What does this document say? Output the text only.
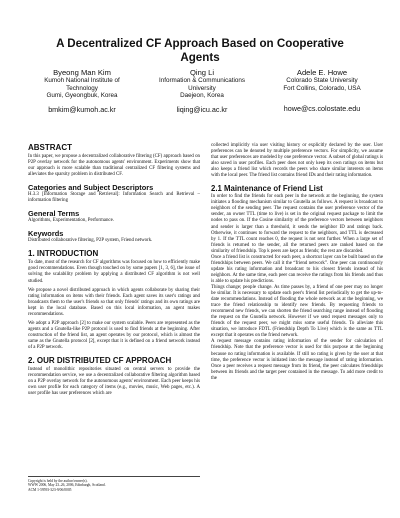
A Decentralized CF Approach Based on Cooperative
Agents
Byeong Man Kim
Kumoh National Institute of
Technology
Gumi, Gyeongbuk, Korea
bmkim@kumoh.ac.kr
Qing Li
Information & Communications
University
Daejeon, Korea
liqing@icu.ac.kr
Adele E. Howe
Colorado State University
Fort Collins, Colorado, USA
howe@cs.colostate.edu
ABSTRACT

In this paper, we propose a decentralized collaborative filtering (CF) approach based on P2P overlay network for the autonomous agents' environment. Experiments show that our approach is more scalable than traditional centralized CF filtering systems and alleviates the sparsity problem in distributed CF.

Categories and Subject Descriptors

H.3.3 [Information Storage and Retrieval]: Information Search and Retrieval –information filtering

General Terms

Algorithms, Experimentation, Performance.

Keywords

Distributed collaborative filtering, P2P system, Friend network.

1. INTRODUCTION

To date, most of the research for CF algorithms was focused on how to efficiently make good recommendations. Even though touched on by some papers [1, 3, 6], the issue of solving the scalability problem by applying a distributed CF algorithm is not well studied.

We propose a novel distributed approach in which agents collaborate by sharing their rating information on items with their friends. Each agent saves its user's ratings and broadcasts them to the user's friends so that only friends' ratings and its own ratings are kept in the local database. Based on this local information, an agent makes recommendations.

We adopt a P2P approach [2] to make our system scalable. Peers are represented as the agents and a Gnutella-like P2P protocol is used to find friends at the beginning. After construction of the friend list, an agent operates by our protocol, which is almost the same as the Gnutella protocol [2], except that it is defined on a friend network instead of a P2P network.

2. OUR DISTRIBUTED CF APPROACH

Instead of monolithic repositories situated on central servers to provide the recommendation service, we use a decentralized collaborative filtering algorithm based on a P2P overlay network for the autonomous agents' environment. Each peer keeps his own user profile for each category of items (e.g., movies, music, Web pages, etc.). A user profile has user preferences which are

Copyright is held by the author/owner(s).

WWW 2006, May 23–26, 2006, Edinburgh, Scotland.

ACM 1-59593-323-9/06/0005

collected implicitly via user visiting history or explicitly declared by the user. User preferences can be denoted by multiple preference vectors. For simplicity, we assume that user preferences are modeled by one preference vector. A subset of global ratings is also saved in user profiles. Each peer does not only keep its own ratings on items but also keeps a friend list which records the peers who share similar interests on items with the local peer. The friend list contains friend IDs and their rating information.

2.1 Maintenance of Friend List

In order to find the friends for each peer in the network at the beginning, the system initiates a flooding mechanism similar to Gnutella as follows. A request is broadcast to neighbors of the sending peer. The request contains the user preference vector of the sender, an owner TTL (time to live) is set in the original request package to limit the nodes to pass on. If the Cosine similarity of the preference vectors between neighbors and sender is larger than a threshold, it sends the neighbor ID and ratings back. Otherwise, it continues to forward the request to the neighbors, and TTL is decreased by 1. If the TTL count reaches 0, the request is not sent further. When a large set of friends is returned to the sender, all the returned peers are ranked based on the similarity of friendship. Top k peers are kept as friends; the rest are discarded.

Once a friend list is constructed for each peer, a shortcut layer can be built based on the friendships between peers. We call it the “friend network”. One peer can continuously update his rating information and broadcast to his closest friends instead of his neighbors. At the same time, each peer can receive the ratings from his friends and thus is able to update his predictions.

Things change; people change. As time passes by, a friend of one peer may no longer be similar. It is necessary to update each peer's friend list periodically to get the up-to-date recommendations. Instead of flooding the whole network as at the beginning, we trace the friend relationship to identify new friends. By requesting friends to recommend new friends, we can shorten the friend searching range instead of flooding the request on the Gnutella network. However if we send request messages only to friends of the request peer, we might miss some useful friends. To alleviate this situation, we introduce FDTL (Friendship Depth To Live) which is the same as TTL except that it operates on the friend network.

A request message contains rating information of the sender for calculation of friendship. Note that the preference vector is used for this purpose at the beginning because no rating information is available. If still no rating is given by the user at that time, the preference vector is initiated into the message instead of rating information. Once a peer receives a request message from its friend, the peer calculates friendships between its friends and the target peer contained in the message. To add more credit to the
